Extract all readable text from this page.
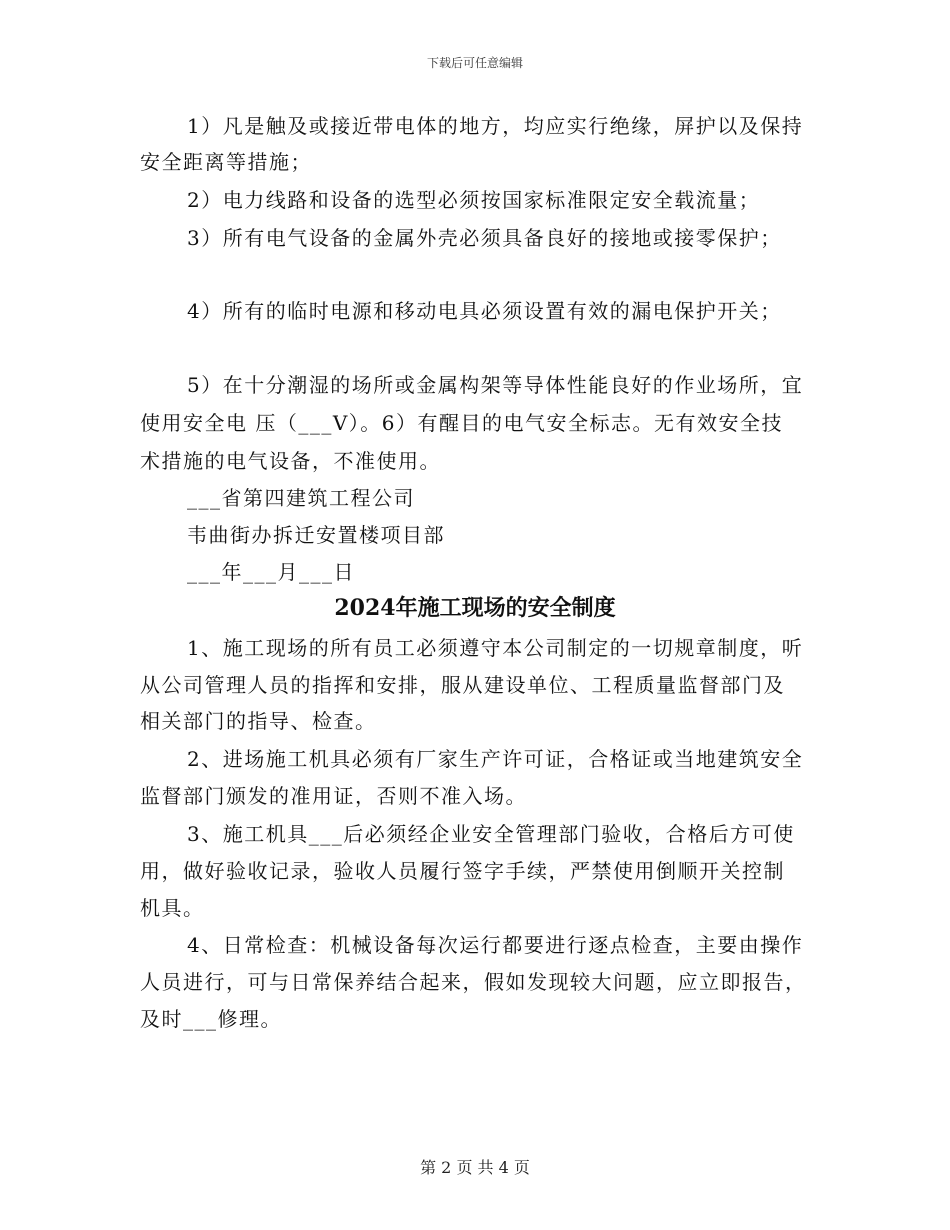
下载后可任意编辑
1）凡是触及或接近带电体的地方，均应实行绝缘，屏护以及保持
安全距离等措施；
2）电力线路和设备的选型必须按国家标准限定安全载流量；
3）所有电气设备的金属外壳必须具备良好的接地或接零保护；
4）所有的临时电源和移动电具必须设置有效的漏电保护开关；
5）在十分潮湿的场所或金属构架等导体性能良好的作业场所，宜
使用安全电 压（___V）。6）有醒目的电气安全标志。无有效安全技
术措施的电气设备，不准使用。
___省第四建筑工程公司
韦曲街办拆迁安置楼项目部
___年___月___日
2024年施工现场的安全制度
1、施工现场的所有员工必须遵守本公司制定的一切规章制度，听
从公司管理人员的指挥和安排，服从建设单位、工程质量监督部门及
相关部门的指导、检查。
2、进场施工机具必须有厂家生产许可证，合格证或当地建筑安全
监督部门颁发的准用证，否则不准入场。
3、施工机具___后必须经企业安全管理部门验收，合格后方可使
用，做好验收记录，验收人员履行签字手续，严禁使用倒顺开关控制
机具。
4、日常检查：机械设备每次运行都要进行逐点检查，主要由操作
人员进行，可与日常保养结合起来，假如发现较大问题，应立即报告，
及时___修理。
第 2 页 共 4 页
